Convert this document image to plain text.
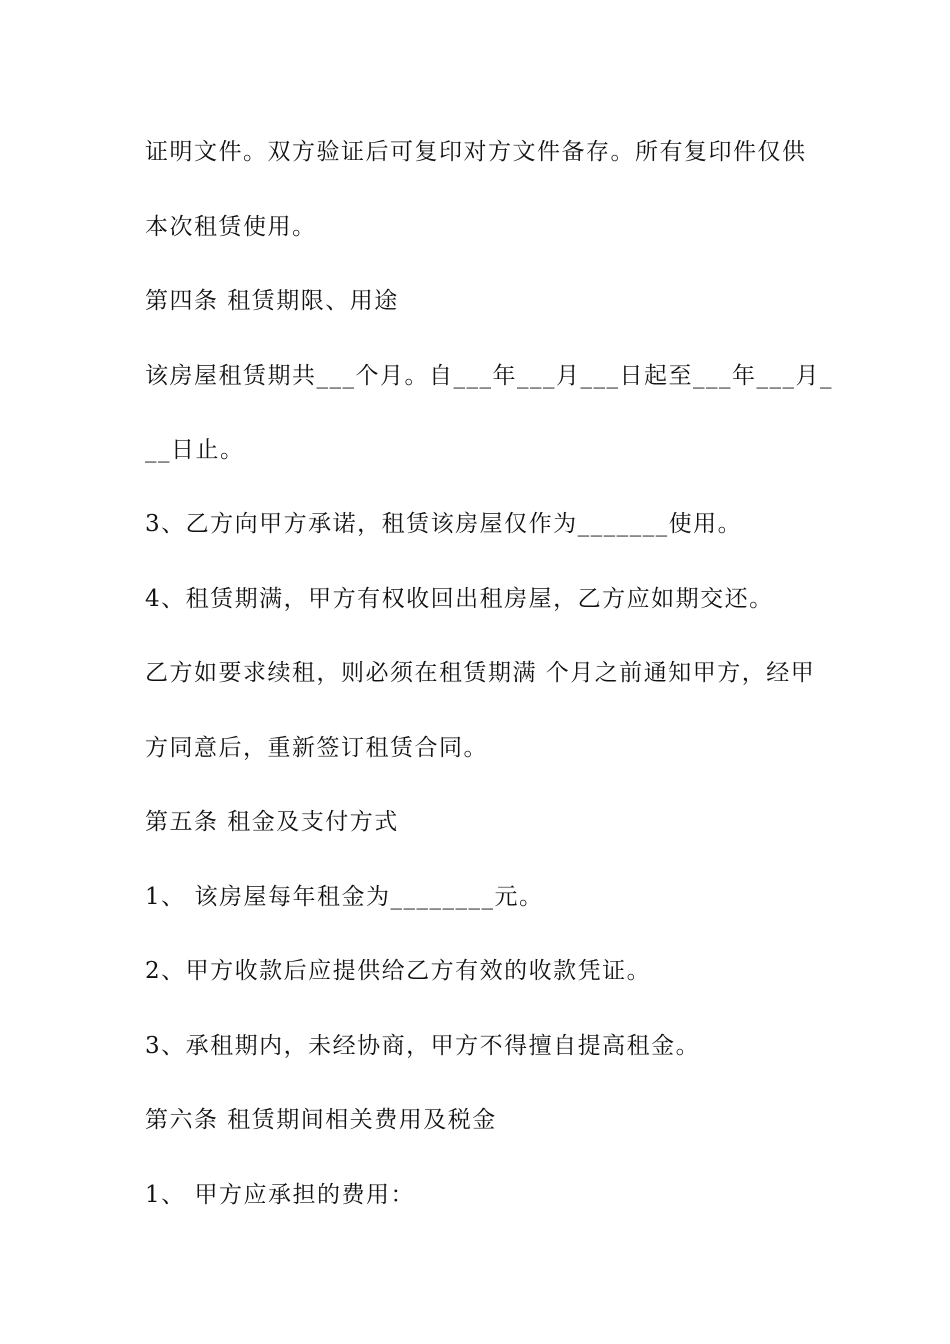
证明文件。双方验证后可复印对方文件备存。所有复印件仅供
本次租赁使用。
第四条 租赁期限、用途
该房屋租赁期共___个月。自___年___月___日起至___年___月_
__日止。
3、乙方向甲方承诺，租赁该房屋仅作为_______使用。
4、租赁期满，甲方有权收回出租房屋，乙方应如期交还。
乙方如要求续租，则必须在租赁期满 个月之前通知甲方，经甲
方同意后，重新签订租赁合同。
第五条 租金及支付方式
1、 该房屋每年租金为________元。
2、甲方收款后应提供给乙方有效的收款凭证。
3、承租期内，未经协商，甲方不得擅自提高租金。
第六条 租赁期间相关费用及税金
1、 甲方应承担的费用：
